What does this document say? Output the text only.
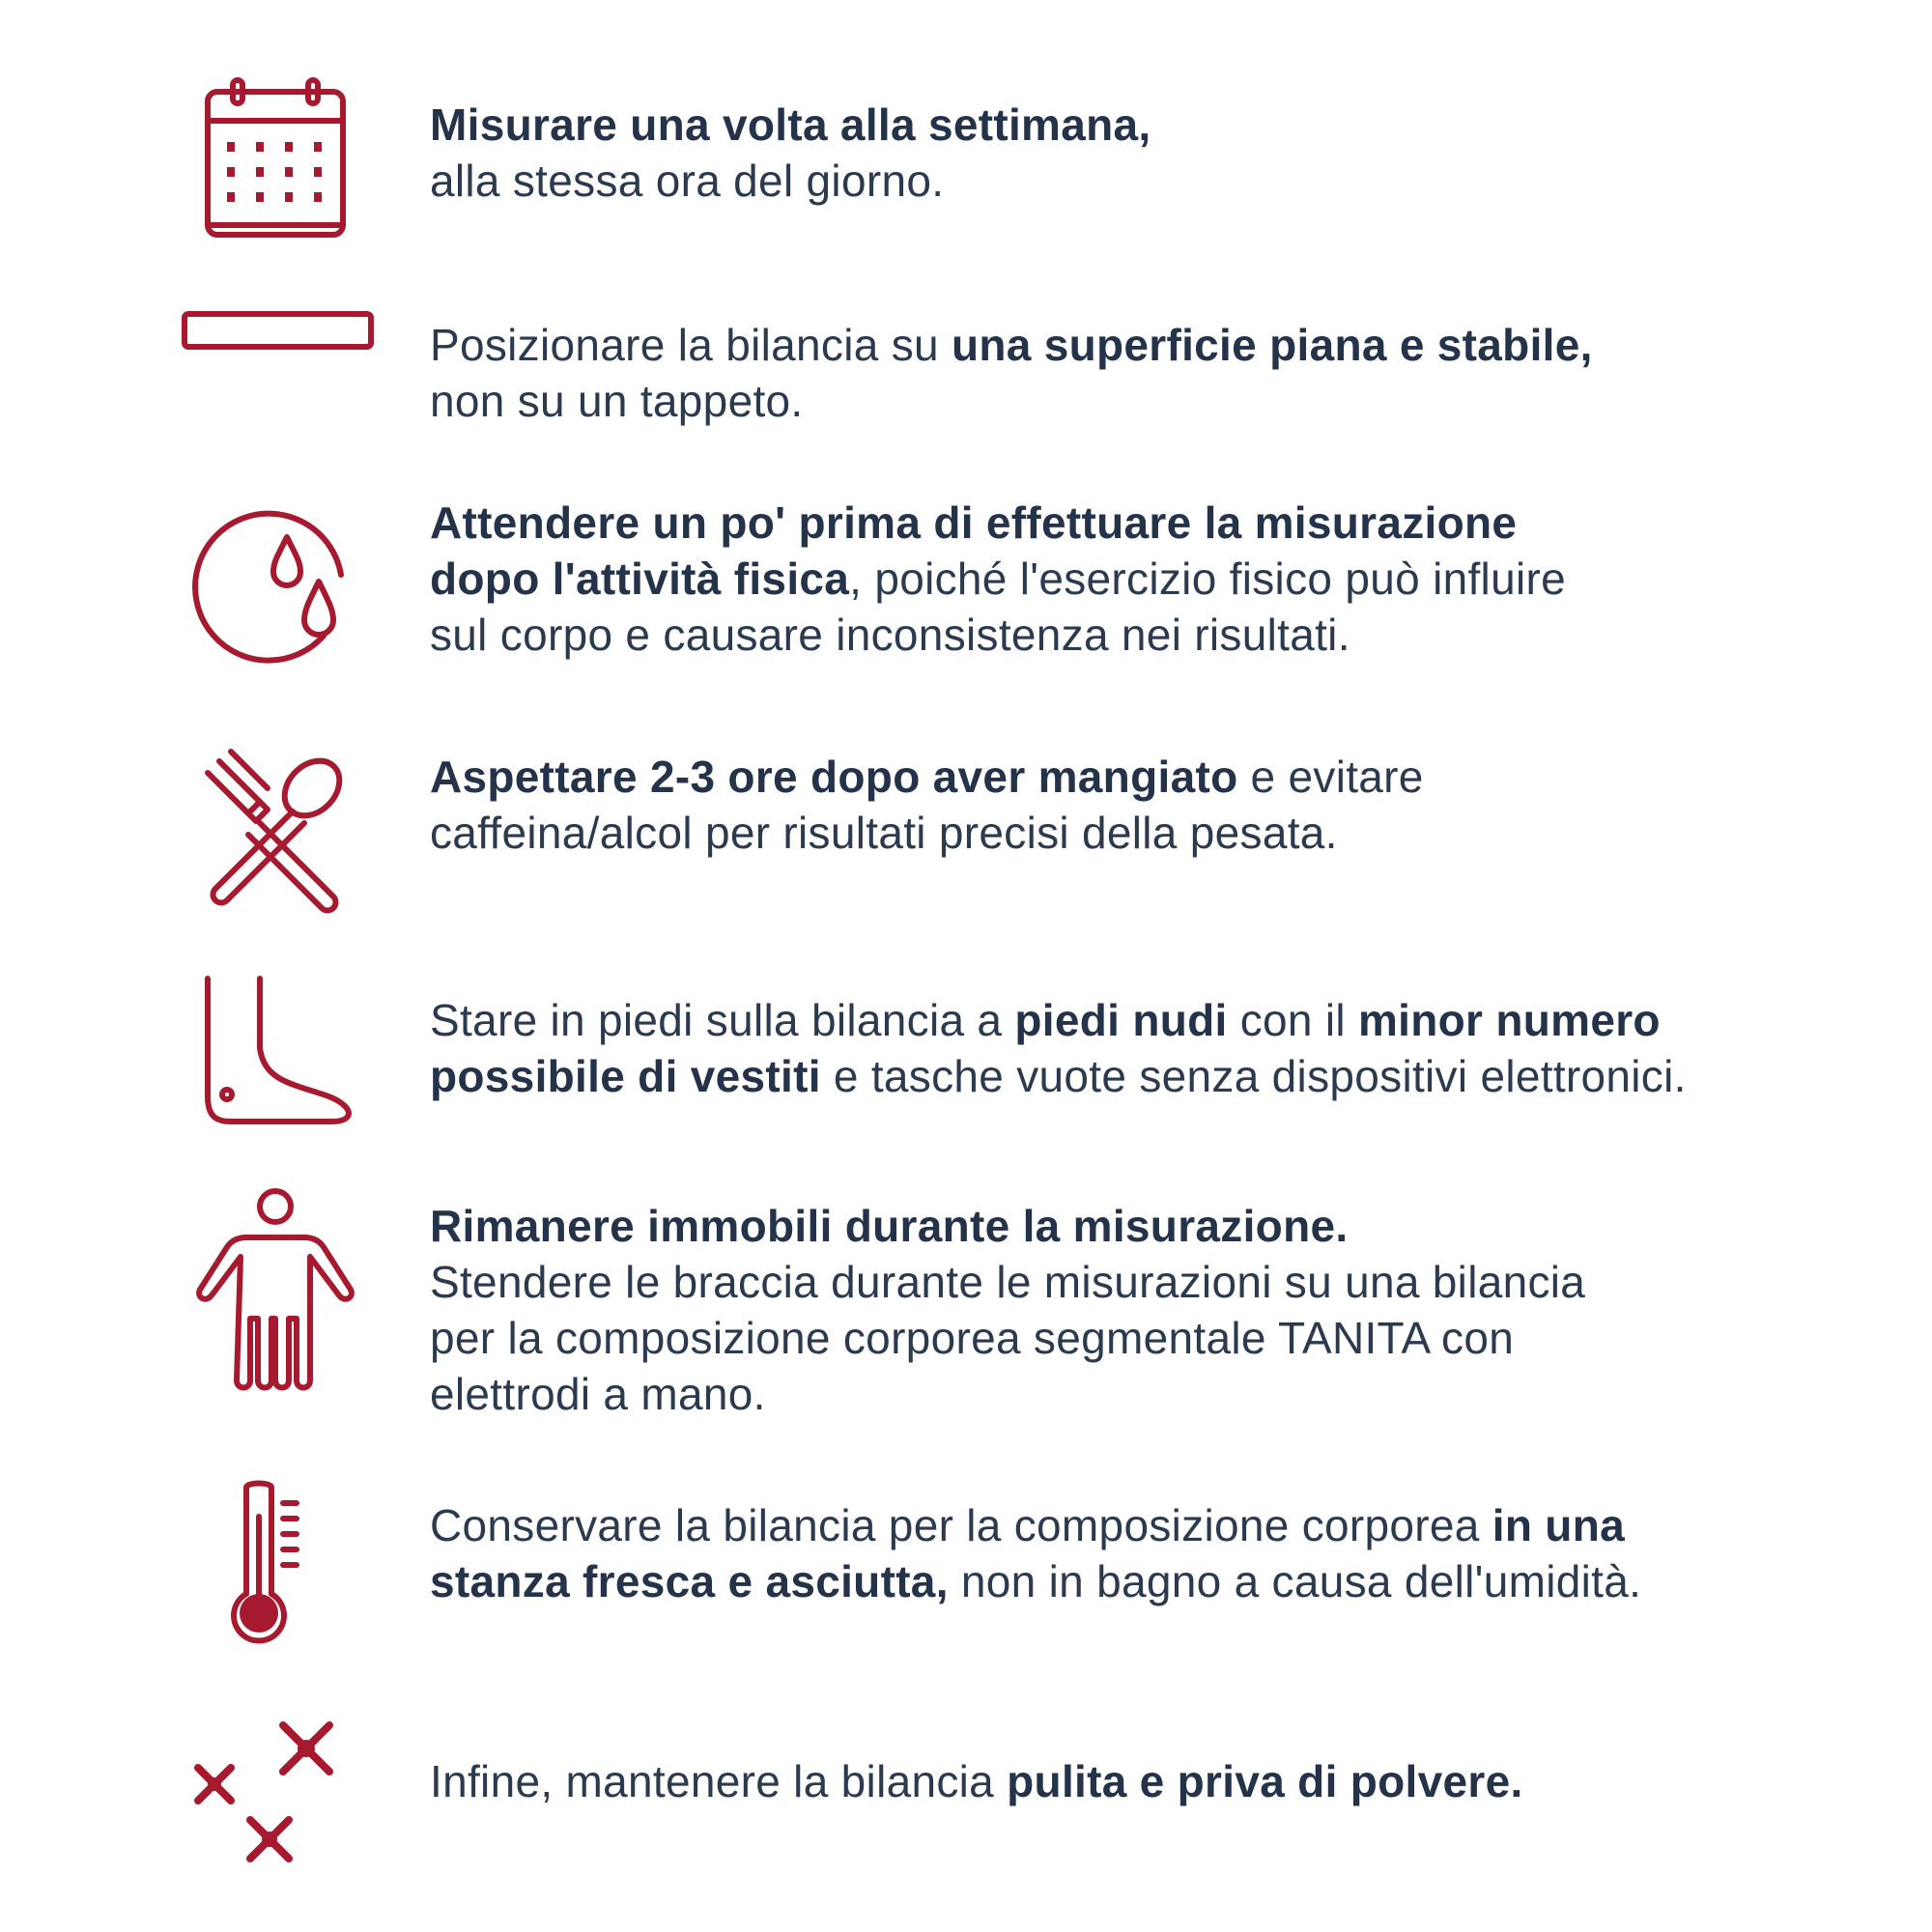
Misurare una volta alla settimana,
alla stessa ora del giorno.
Posizionare la bilancia su una superficie piana e stabile,
non su un tappeto.
Attendere un po' prima di effettuare la misurazione
dopo l'attività fisica, poiché l'esercizio fisico può influire
sul corpo e causare inconsistenza nei risultati.
Aspettare 2-3 ore dopo aver mangiato e evitare
caffeina/alcol per risultati precisi della pesata.
Stare in piedi sulla bilancia a piedi nudi con il minor numero
possibile di vestiti e tasche vuote senza dispositivi elettronici.
Rimanere immobili durante la misurazione.
Stendere le braccia durante le misurazioni su una bilancia
per la composizione corporea segmentale TANITA con
elettrodi a mano.
Conservare la bilancia per la composizione corporea in una
stanza fresca e asciutta, non in bagno a causa dell'umidità.
Infine, mantenere la bilancia pulita e priva di polvere.
